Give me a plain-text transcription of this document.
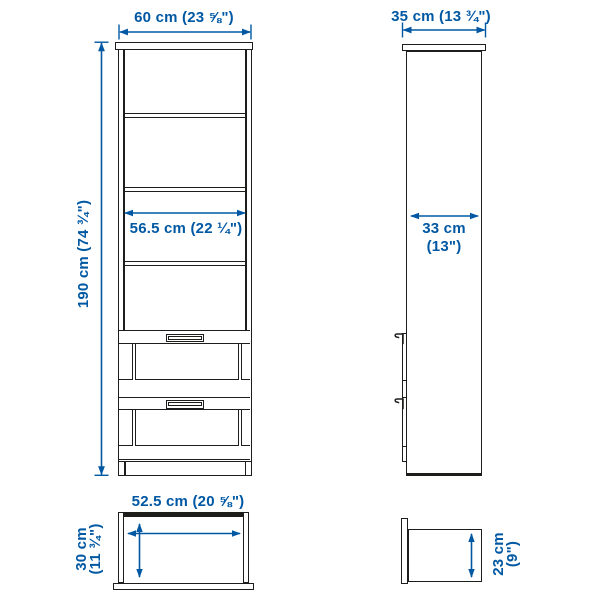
60 cm (23 ⅝")
190 cm (74 ¾")	56.5 cm (22 ¼")
35 cm (13 ¾")
33 cm
(13")
52.5 cm (20 ⅝")
30 cm
(11 ¾")	23 cm
(9")
